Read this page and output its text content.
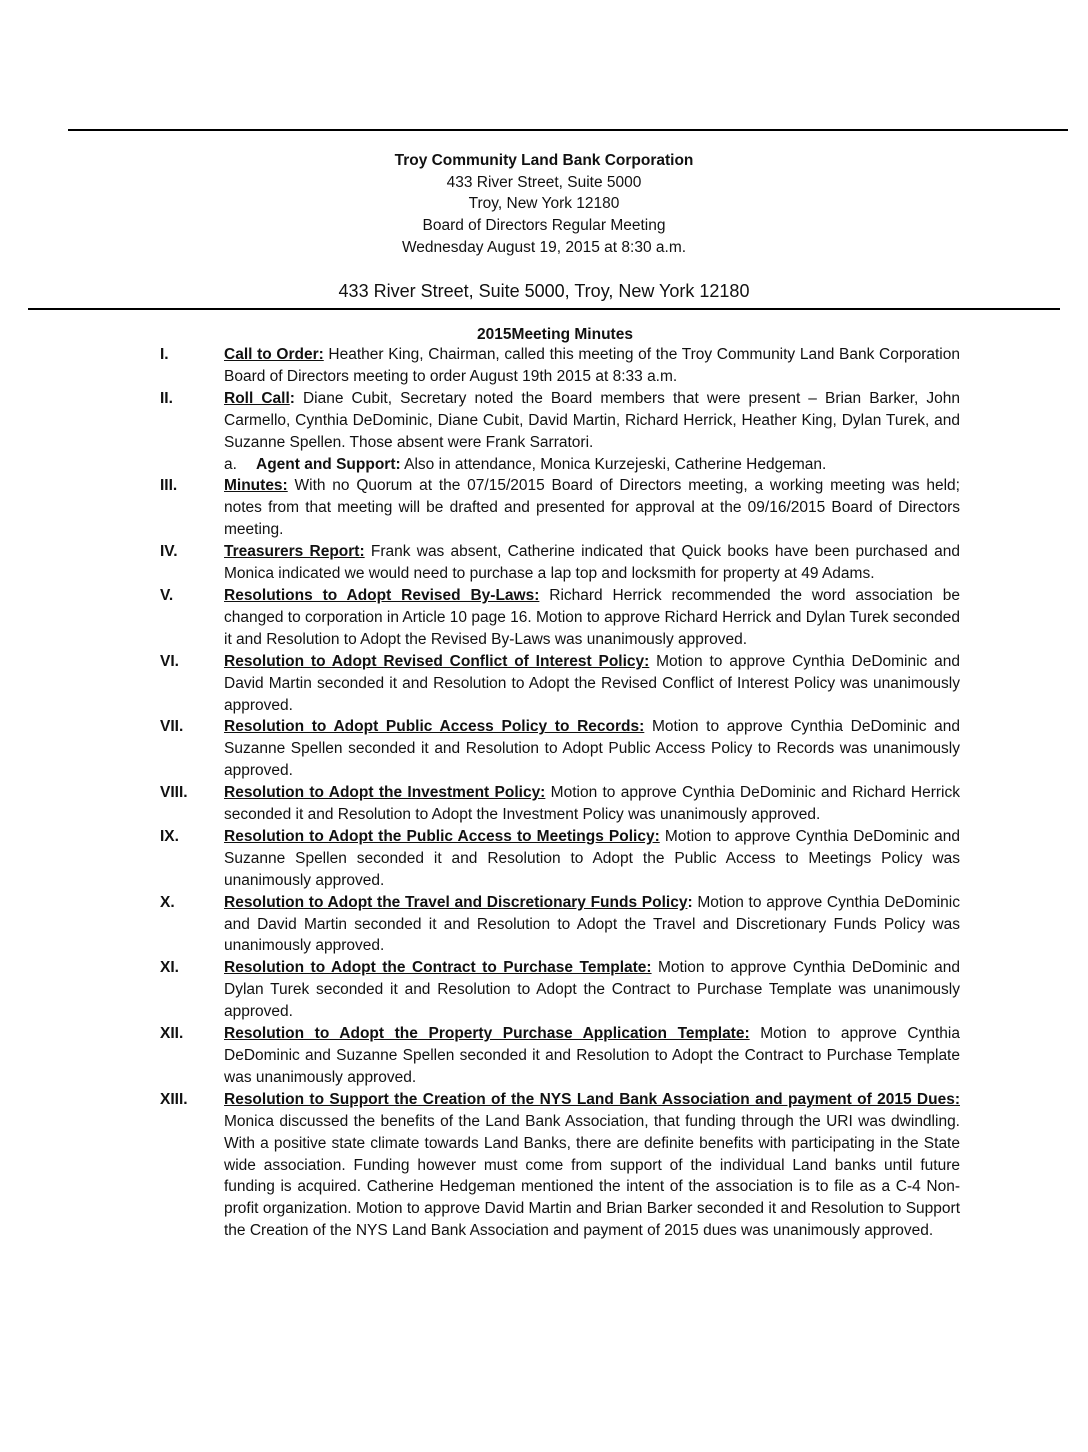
Troy Community Land Bank Corporation
433 River Street, Suite 5000
Troy, New York 12180
Board of Directors Regular Meeting
Wednesday August 19, 2015 at 8:30 a.m.
433 River Street, Suite 5000, Troy, New York 12180
2015Meeting Minutes
I.	Call to Order: Heather King, Chairman, called this meeting of the Troy Community Land Bank Corporation Board of Directors meeting to order August 19th 2015 at 8:33 a.m.
II.	Roll Call: Diane Cubit, Secretary noted the Board members that were present – Brian Barker, John Carmello, Cynthia DeDominic, Diane Cubit, David Martin, Richard Herrick, Heather King, Dylan Turek, and Suzanne Spellen. Those absent were Frank Sarratori.
a.	Agent and Support: Also in attendance, Monica Kurzejeski, Catherine Hedgeman.
III.	Minutes: With no Quorum at the 07/15/2015 Board of Directors meeting, a working meeting was held; notes from that meeting will be drafted and presented for approval at the 09/16/2015 Board of Directors meeting.
IV.	Treasurers Report: Frank was absent, Catherine indicated that Quick books have been purchased and Monica indicated we would need to purchase a lap top and locksmith for property at 49 Adams.
V.	Resolutions to Adopt Revised By-Laws: Richard Herrick recommended the word association be changed to corporation in Article 10 page 16. Motion to approve Richard Herrick and Dylan Turek seconded it and Resolution to Adopt the Revised By-Laws was unanimously approved.
VI.	Resolution to Adopt Revised Conflict of Interest Policy: Motion to approve Cynthia DeDominic and David Martin seconded it and Resolution to Adopt the Revised Conflict of Interest Policy was unanimously approved.
VII.	Resolution to Adopt Public Access Policy to Records: Motion to approve Cynthia DeDominic and Suzanne Spellen seconded it and Resolution to Adopt Public Access Policy to Records was unanimously approved.
VIII.	Resolution to Adopt the Investment Policy: Motion to approve Cynthia DeDominic and Richard Herrick seconded it and Resolution to Adopt the Investment Policy was unanimously approved.
IX.	Resolution to Adopt the Public Access to Meetings Policy: Motion to approve Cynthia DeDominic and Suzanne Spellen seconded it and Resolution to Adopt the Public Access to Meetings Policy was unanimously approved.
X.	Resolution to Adopt the Travel and Discretionary Funds Policy: Motion to approve Cynthia DeDominic and David Martin seconded it and Resolution to Adopt the Travel and Discretionary Funds Policy was unanimously approved.
XI.	Resolution to Adopt the Contract to Purchase Template: Motion to approve Cynthia DeDominic and Dylan Turek seconded it and Resolution to Adopt the Contract to Purchase Template was unanimously approved.
XII.	Resolution to Adopt the Property Purchase Application Template: Motion to approve Cynthia DeDominic and Suzanne Spellen seconded it and Resolution to Adopt the Contract to Purchase Template was unanimously approved.
XIII.	Resolution to Support the Creation of the NYS Land Bank Association and payment of 2015 Dues: Monica discussed the benefits of the Land Bank Association, that funding through the URI was dwindling. With a positive state climate towards Land Banks, there are definite benefits with participating in the State wide association. Funding however must come from support of the individual Land banks until future funding is acquired. Catherine Hedgeman mentioned the intent of the association is to file as a C-4 Non-profit organization. Motion to approve David Martin and Brian Barker seconded it and Resolution to Support the Creation of the NYS Land Bank Association and payment of 2015 dues was unanimously approved.
